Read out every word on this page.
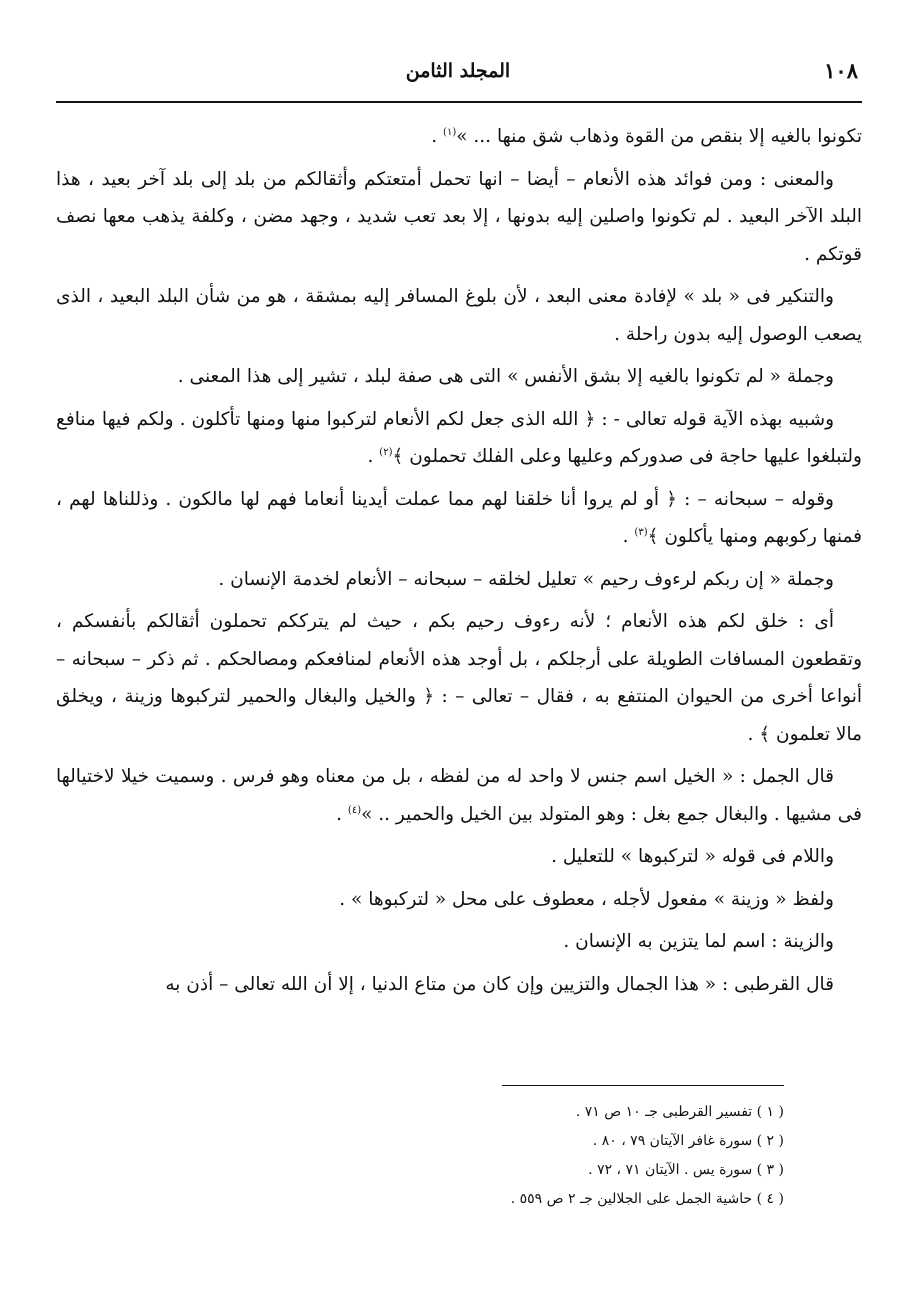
١٠٨
المجلد الثامن

تكونوا بالغيه إلا بنقص من القوة وذهاب شق منها ... »$^{(١)}$ .

والمعنى : ومن فوائد هذه الأنعام – أيضا – انها تحمل أمتعتكم وأثقالكم من بلد إلى بلد آخر بعيد ، هذا البلد الآخر البعيد . لم تكونوا واصلين إليه بدونها ، إلا بعد تعب شديد ، وجهد مضن ، وكلفة يذهب معها نصف قوتكم .

والتنكير فى « بلد » لإفادة معنى البعد ، لأن بلوغ المسافر إليه بمشقة ، هو من شأن البلد البعيد ، الذى يصعب الوصول إليه بدون راحلة .

وجملة « لم تكونوا بالغيه إلا بشق الأنفس » التى هى صفة لبلد ، تشير إلى هذا المعنى .

وشبيه بهذه الآية قوله تعالى - : ﴿ الله الذى جعل لكم الأنعام لتركبوا منها ومنها تأكلون . ولكم فيها منافع ولتبلغوا عليها حاجة فى صدوركم وعليها وعلى الفلك تحملون ﴾$^{(٢)}$ .

وقوله – سبحانه – : ﴿ أو لم يروا أنا خلقنا لهم مما عملت أيدينا أنعاما فهم لها مالكون . وذللناها لهم ، فمنها ركوبهم ومنها يأكلون ﴾$^{(٣)}$ .

وجملة « إن ربكم لرءوف رحيم » تعليل لخلقه – سبحانه – الأنعام لخدمة الإنسان .

أى : خلق لكم هذه الأنعام ؛ لأنه رءوف رحيم بكم ، حيث لم يترككم تحملون أثقالكم بأنفسكم ، وتقطعون المسافات الطويلة على أرجلكم ، بل أوجد هذه الأنعام لمنافعكم ومصالحكم . ثم ذكر – سبحانه – أنواعا أخرى من الحيوان المنتفع به ، فقال – تعالى – : ﴿ والخيل والبغال والحمير لتركبوها وزينة ، ويخلق مالا تعلمون ﴾ .

قال الجمل : « الخيل اسم جنس لا واحد له من لفظه ، بل من معناه وهو فرس . وسميت خيلا لاختيالها فى مشيها . والبغال جمع بغل : وهو المتولد بين الخيل والحمير .. »$^{(٤)}$ .

واللام فى قوله « لتركبوها » للتعليل .

ولفظ « وزينة » مفعول لأجله ، معطوف على محل « لتركبوها » .

والزينة : اسم لما يتزين به الإنسان .

قال القرطبى : « هذا الجمال والتزيين وإن كان من متاع الدنيا ، إلا أن الله تعالى – أذن به

( ١ ) تفسير القرطبى جـ ١٠ ص ٧١ .

( ٢ ) سورة غافر الآيتان ٧٩ ، ٨٠ .

( ٣ ) سورة يس . الآيتان ٧١ ، ٧٢ .

( ٤ ) حاشية الجمل على الجلالين جـ ٢ ص ٥٥٩ .
